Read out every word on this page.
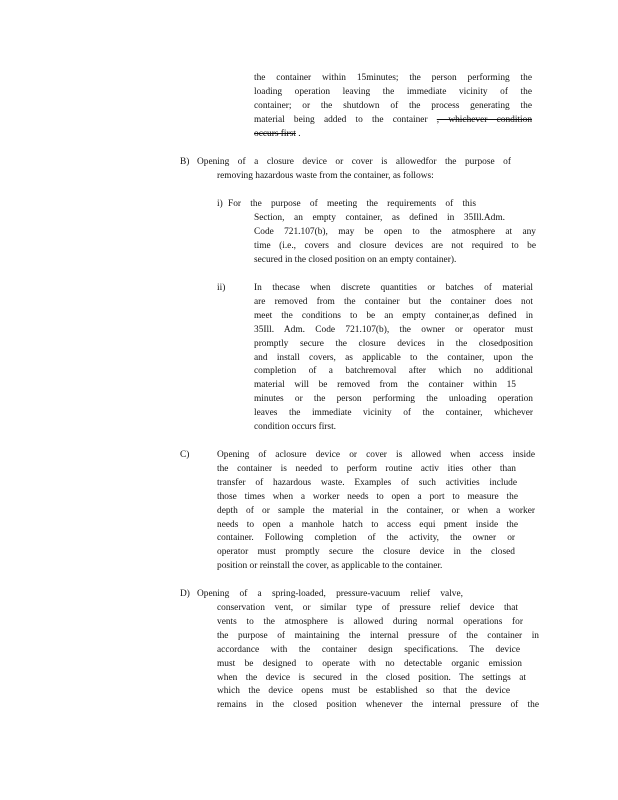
the container within 15minutes; the person performing the
loading operation leaving the immediate vicinity of the
container; or the shutdown of the process generating the
material being added to the container , whichever condition
occurs first .
B) Opening of a closure device or cover is allowedfor the purpose of
removing hazardous waste from the container, as follows:
i) For the purpose of meeting the requirements of this
Section, an empty container, as defined in 35Ill.Adm.
Code 721.107(b), may be open to the atmosphere at any
time (i.e., covers and closure devices are not required to be
secured in the closed position on an empty container).
ii)	In thecase when discrete quantities or batches of material
are removed from the container but the container does not
meet the conditions to be an empty container,as defined in
35Ill. Adm. Code 721.107(b), the owner or operator must
promptly secure the closure devices in the closedposition
and install covers, as applicable to the container, upon the
completion of a batchremoval after which no additional
material will be removed from the container within 15
minutes or the person performing the unloading operation
leaves the immediate vicinity of the container, whichever
condition occurs first.
C)	Opening of aclosure device or cover is allowed when access inside
the container is needed to perform routine activ ities other than
transfer of hazardous waste. Examples of such activities include
those times when a worker needs to open a port to measure the
depth of or sample the material in the container, or when a worker
needs to open a manhole hatch to access equi pment inside the
container. Following completion of the activity, the owner or
operator must promptly secure the closure device in the closed
position or reinstall the cover, as applicable to the container.
D) Opening of a spring-loaded, pressure-vacuum relief valve,
conservation vent, or similar type of pressure relief device that
vents to the atmosphere is allowed during normal operations for
the purpose of maintaining the internal pressure of the container in
accordance with the container design specifications. The device
must be designed to operate with no detectable organic emission
when the device is secured in the closed position. The settings at
which the device opens must be established so that the device
remains in the closed position whenever the internal pressure of the
